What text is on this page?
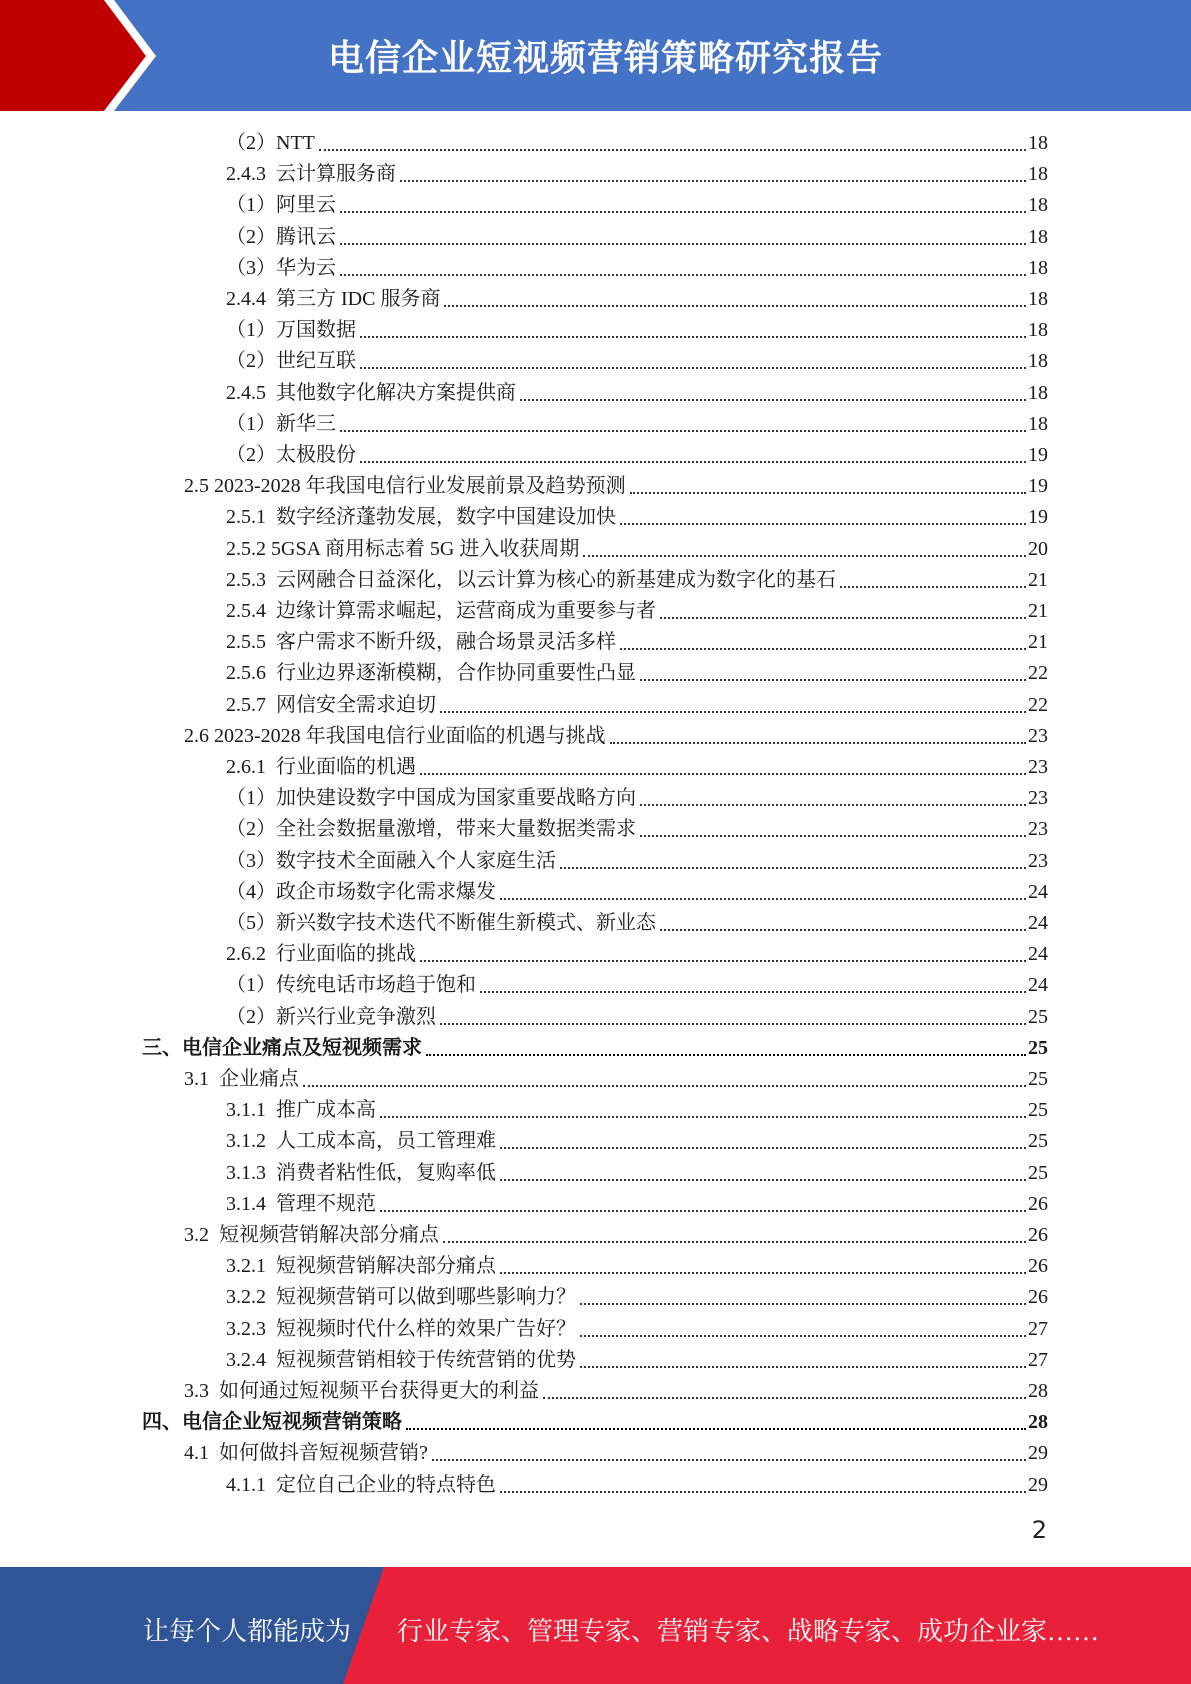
电信企业短视频营销策略研究报告
（2）NTT	18
2.4.3  云计算服务商	18
（1）阿里云	18
（2）腾讯云	18
（3）华为云	18
2.4.4  第三方 IDC 服务商	18
（1）万国数据	18
（2）世纪互联	18
2.4.5  其他数字化解决方案提供商	18
（1）新华三	18
（2）太极股份	19
2.5 2023-2028 年我国电信行业发展前景及趋势预测	19
2.5.1  数字经济蓬勃发展，数字中国建设加快	19
2.5.2 5GSA 商用标志着 5G 进入收获周期	20
2.5.3  云网融合日益深化，以云计算为核心的新基建成为数字化的基石	21
2.5.4  边缘计算需求崛起，运营商成为重要参与者	21
2.5.5  客户需求不断升级，融合场景灵活多样	21
2.5.6  行业边界逐渐模糊，合作协同重要性凸显	22
2.5.7  网信安全需求迫切	22
2.6 2023-2028 年我国电信行业面临的机遇与挑战	23
2.6.1  行业面临的机遇	23
（1）加快建设数字中国成为国家重要战略方向	23
（2）全社会数据量激增，带来大量数据类需求	23
（3）数字技术全面融入个人家庭生活	23
（4）政企市场数字化需求爆发	24
（5）新兴数字技术迭代不断催生新模式、新业态	24
2.6.2  行业面临的挑战	24
（1）传统电话市场趋于饱和	24
（2）新兴行业竞争激烈	25
三、电信企业痛点及短视频需求	25
3.1  企业痛点	25
3.1.1  推广成本高	25
3.1.2  人工成本高，员工管理难	25
3.1.3  消费者粘性低，复购率低	25
3.1.4  管理不规范	26
3.2  短视频营销解决部分痛点	26
3.2.1  短视频营销解决部分痛点	26
3.2.2  短视频营销可以做到哪些影响力？	26
3.2.3  短视频时代什么样的效果广告好？	27
3.2.4  短视频营销相较于传统营销的优势	27
3.3  如何通过短视频平台获得更大的利益	28
四、电信企业短视频营销策略	28
4.1  如何做抖音短视频营销?	29
4.1.1  定位自己企业的特点特色	29
2
让每个人都能成为 行业专家、管理专家、营销专家、战略专家、成功企业家……
